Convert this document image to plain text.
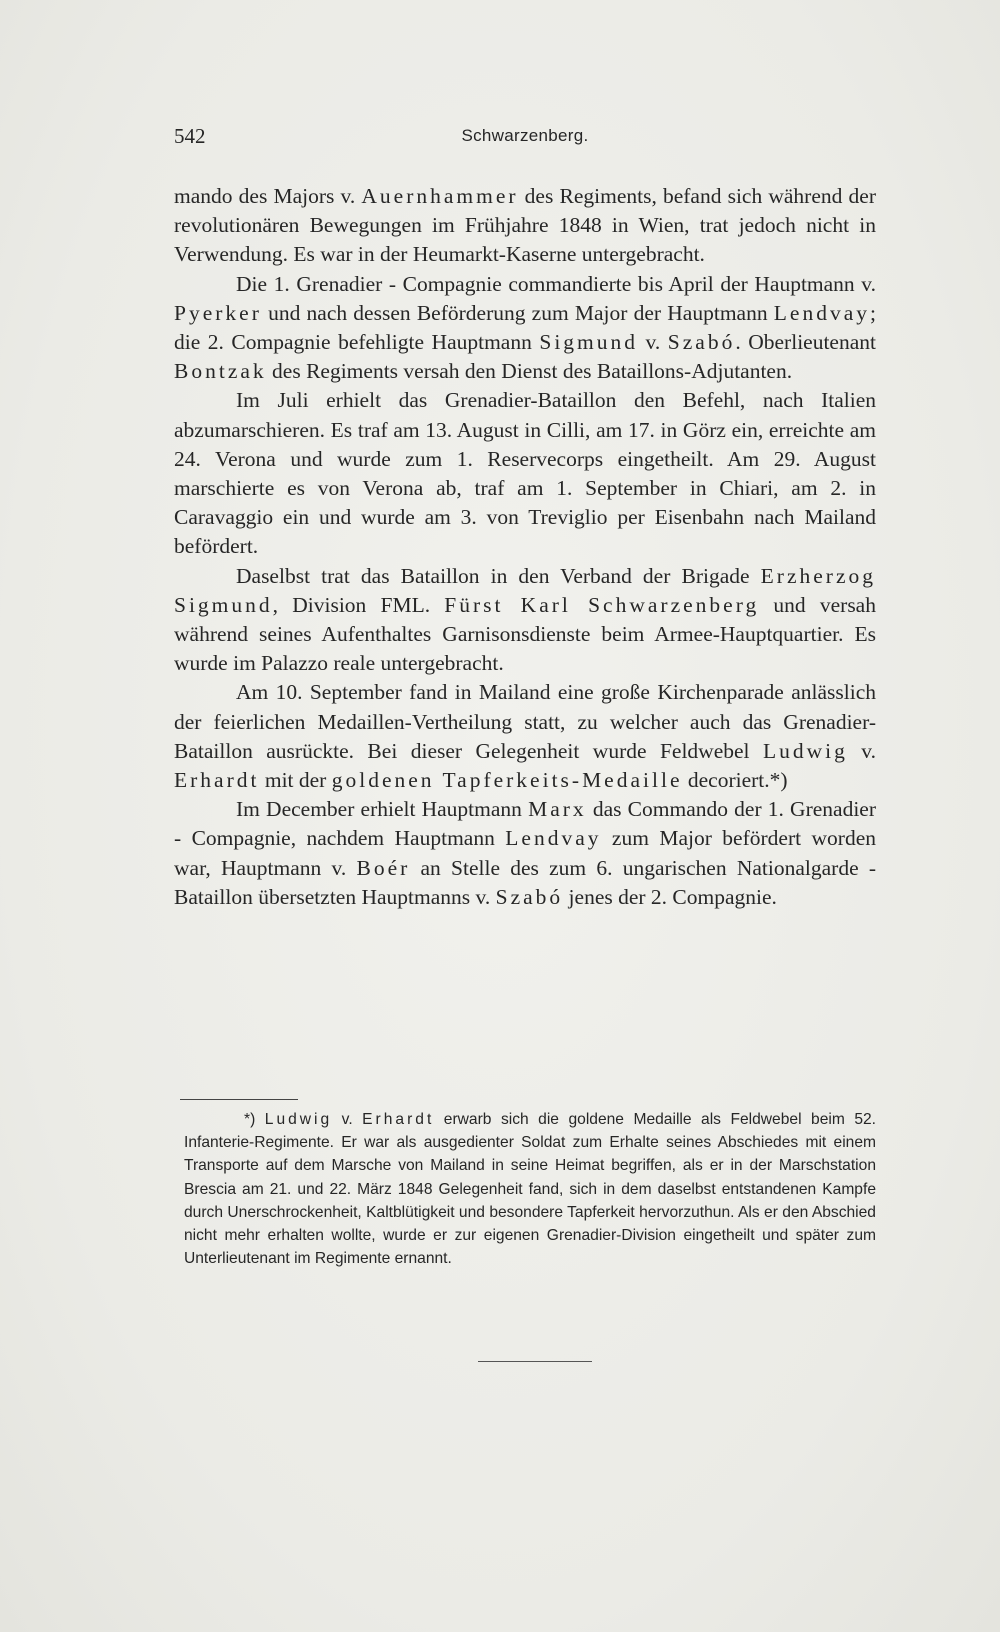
542	Schwarzenberg.

mando des Majors v. Auernhammer des Regiments, befand sich während der revolutionären Bewegungen im Frühjahre 1848 in Wien, trat jedoch nicht in Verwendung. Es war in der Heumarkt-Kaserne untergebracht.

Die 1. Grenadier - Compagnie commandierte bis April der Hauptmann v. Pyerker und nach dessen Beförderung zum Major der Hauptmann Lendvay; die 2. Compagnie befehligte Hauptmann Sigmund v. Szabó. Oberlieutenant Bontzak des Regiments versah den Dienst des Bataillons-Adjutanten.

Im Juli erhielt das Grenadier-Bataillon den Befehl, nach Italien abzumarschieren. Es traf am 13. August in Cilli, am 17. in Görz ein, erreichte am 24. Verona und wurde zum 1. Reservecorps eingetheilt. Am 29. August marschierte es von Verona ab, traf am 1. September in Chiari, am 2. in Caravaggio ein und wurde am 3. von Treviglio per Eisenbahn nach Mailand befördert.

Daselbst trat das Bataillon in den Verband der Brigade Erzherzog Sigmund, Division FML. Fürst Karl Schwarzenberg und versah während seines Aufenthaltes Garnisonsdienste beim Armee-Hauptquartier. Es wurde im Palazzo reale untergebracht.

Am 10. September fand in Mailand eine große Kirchenparade anlässlich der feierlichen Medaillen-Vertheilung statt, zu welcher auch das Grenadier-Bataillon ausrückte. Bei dieser Gelegenheit wurde Feldwebel Ludwig v. Erhardt mit der goldenen Tapferkeits-Medaille decoriert.*)

Im December erhielt Hauptmann Marx das Commando der 1. Grenadier - Compagnie, nachdem Hauptmann Lendvay zum Major befördert worden war, Hauptmann v. Boér an Stelle des zum 6. ungarischen Nationalgarde - Bataillon übersetzten Hauptmanns v. Szabó jenes der 2. Compagnie.

*) Ludwig v. Erhardt erwarb sich die goldene Medaille als Feldwebel beim 52. Infanterie-Regimente. Er war als ausgedienter Soldat zum Erhalte seines Abschiedes mit einem Transporte auf dem Marsche von Mailand in seine Heimat begriffen, als er in der Marschstation Brescia am 21. und 22. März 1848 Gelegenheit fand, sich in dem daselbst entstandenen Kampfe durch Unerschrockenheit, Kaltblütigkeit und besondere Tapferkeit hervorzuthun. Als er den Abschied nicht mehr erhalten wollte, wurde er zur eigenen Grenadier-Division eingetheilt und später zum Unterlieutenant im Regimente ernannt.
